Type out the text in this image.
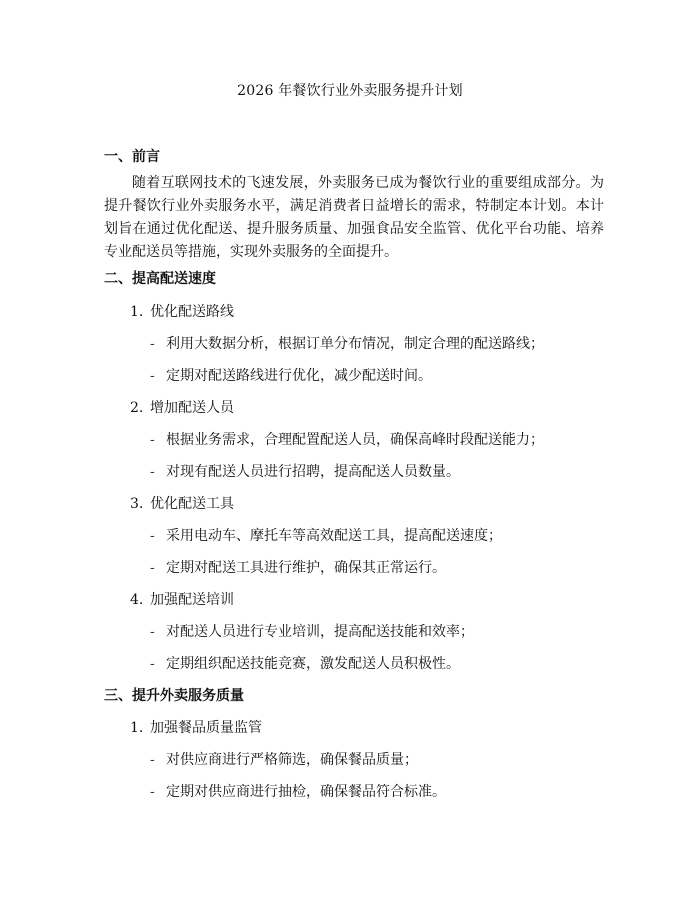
2026 年餐饮行业外卖服务提升计划
一、前言
随着互联网技术的飞速发展，外卖服务已成为餐饮行业的重要组成部分。为提升餐饮行业外卖服务水平，满足消费者日益增长的需求，特制定本计划。本计划旨在通过优化配送、提升服务质量、加强食品安全监管、优化平台功能、培养专业配送员等措施，实现外卖服务的全面提升。
二、提高配送速度
1. 优化配送路线
- 利用大数据分析，根据订单分布情况，制定合理的配送路线；
- 定期对配送路线进行优化，减少配送时间。
2. 增加配送人员
- 根据业务需求，合理配置配送人员，确保高峰时段配送能力；
- 对现有配送人员进行招聘，提高配送人员数量。
3. 优化配送工具
- 采用电动车、摩托车等高效配送工具，提高配送速度；
- 定期对配送工具进行维护，确保其正常运行。
4. 加强配送培训
- 对配送人员进行专业培训，提高配送技能和效率；
- 定期组织配送技能竞赛，激发配送人员积极性。
三、提升外卖服务质量
1. 加强餐品质量监管
- 对供应商进行严格筛选，确保餐品质量；
- 定期对供应商进行抽检，确保餐品符合标准。
